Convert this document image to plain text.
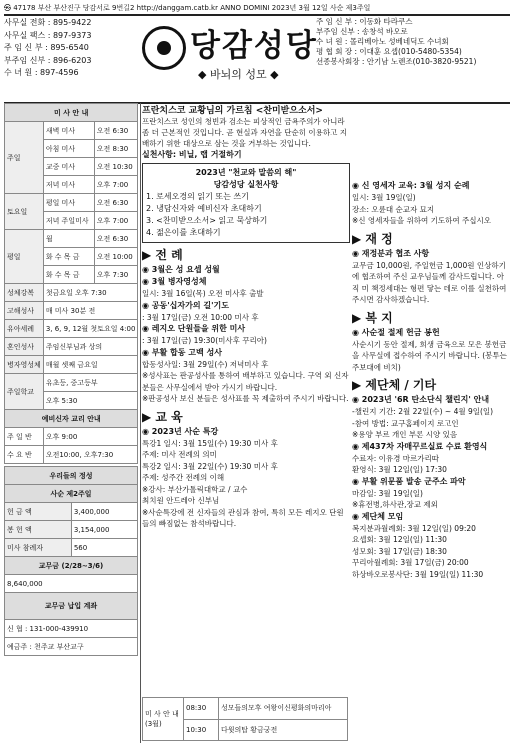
㉿ 47178 부산 부산진구 당감서로 9번길2 http://danggam.catb.kr ANNO DOMINI 2023년 3월 12일 사순 제3주일
사무실 전화 : 895-9422
사무실 팩스 : 897-9373
주 임 신 부 : 895-6540
부주임 신부 : 896-6203
수 녀 원 : 897-4596
당감성당
◆ 바뇌의 성모 ◆
주 임 신 부 : 이동화 타라쿠스
부주임 신부 : 송창석 바오로
수 녀 원 : 몰리베아노 성베네딕도 수녀회
평 협 회 장 : 이대훈 요셉(010-5480-5354)
선종봉사회장 : 안기남 노렌조(010-3820-9521)
미 사 안 내		
주일	새벽 미사	오전 6:30
	아침 미사	오전 8:30
	교중 미사	오전 10:30
	저녁 미사	오후 7:00
토요일	평일 미사	오전 6:30
	저녁 주일미사	오후 7:00
평일	월	오전 6:30
	화 수 목 금	오전 10:00
	화 수 목 금	오후 7:30
성체강복	첫금요일 오후 7:30	
고해성사	매 미사 30분 전	
유아세례	3, 6, 9, 12월 첫토요일 4:00	
혼인성사	주임신부님과 상의	
병자영성체	매월 셋째 금요일	
주일학교	유초등, 중고등부	
	오후 5:30	
예비신자 교리 안내		
주 일 반	오후 9:00	
수 요 반	오전10:00, 오후7:30	
우리들의 정성	
사순 제2주일	
헌 금 액	3,400,000
봉 헌 액	3,154,000
미사 참례자	560
교무금 (2/28~3/6)	
8,640,000	
교무금 납입 계좌	
신 협 : 131-000-439910	
예금주 : 천주교 부산교구	
프란치스코 교황님의 가르침 <찬미받으소서>

프란치스코 성인의 청빈과 검소는 피상적인 금욕주의가 아니라 좀 더 근본적인 것입니다. 곧 현실과 자연을 단순히 이용하고 지배하기 위한 대상으로 삼는 것을 거부하는 것입니다.

실천사항: 비닐, 랩 거절하기

2023년 "천교와 말씀의 해"

당감성당 실천사항

1. 로세오경의 읽기 또는 쓰기

2. 냉담신자와 예비신자 초대하기

3. <찬미받으소서> 읽고 묵상하기

4. 젊은이를 초대하기

▶ 전 례

◉ 3월은 성 요셉 성월

◉ 3월 병자영성체

일시: 3월 16일(목) 오전 미사후 출발

◉ 공동'십자가의 길'기도

: 3월 17일(금) 오전 10:00 미사 후

◉ 레지오 단원들을 위한 미사

: 3월 17일(금) 19:30(미사후 꾸리아)

◉ 부활 합동 고백 성사

합동성사일: 3월 29일(수) 저녁미사 후

※성사표는 판공성사를 통하여 배부하고 있습니다. 구역 외 신자분들은 사무실에서 받아 가시기 바랍니다.

※판공성사 보신 분들은 성사표를 꼭 제출하여 주시기 바랍니다.

▶ 교 육

◉ 2023년 사순 특강

특강1 일시: 3월 15일(수) 19:30 미사 후

주제: 미사 전례의 의미

특강2 일시: 3월 22일(수) 19:30 미사 후

주제: 성주간 전례의 이해

※강사: 부산가톨릭대학교 / 교수

최치원 안드레아 신부님

※사순특강에 전 신자들의 관심과 참여, 특히 모든 레지오 단원들의 빠짐없는 참석바랍니다.

미 사 안 내 (3월)	08:30	성모들의모후 여왕이신평화의마리아
	10:30	다윗의탑 황금궁전

◉ 신 영세자 교육: 3월 성지 순례

일시: 3월 19일(일)

장소: 오륜대 순교자 묘지

※신 영세자들을 위하여 기도하여 주십시오

▶ 재 정

◉ 재정분과 협조 사항

교무금 10,000원, 주일헌금 1,000원 인상하기에 협조하여 주신 교우님들께 감사드립니다. 아직 미 책정세대는 형편 닿는 데로 이를 실천하여 주시면 감사하겠습니다.

▶ 복 지

◉ 사순절 절제 헌금 봉헌

사순시기 동안 절제, 희생 금육으로 모은 봉헌금을 사무실에 접수하여 주시기 바랍니다. (봉투는 주보대에 비치)

▶ 제단체 / 기타

◉ 2023년 '6R 탄소단식 챌린지' 안내

-챌린지 기간: 2월 22일(수) ~ 4월 9일(일)

-참여 방법: 교구홈페이지 로고인

※용양 부르 개인 부론 시양 있음

◉ 제437차 자매꾸르실료 수료 환영식

수료자: 이유경 마르가리따

환영식: 3월 12일(일) 17:30

◉ 부활 위문품 발송 군주소 파악

마감일: 3월 19일(일)

※휴전병,하사관,장교 제외

◉ 제단체 모임

복지분과월례회: 3월 12일(일) 09:20

요셉회: 3월 12일(일) 11:30

성모회: 3월 17일(금) 18:30

꾸리아월례회: 3월 17일(금) 20:00

하상바오로봉사단: 3월 19일(일) 11:30
